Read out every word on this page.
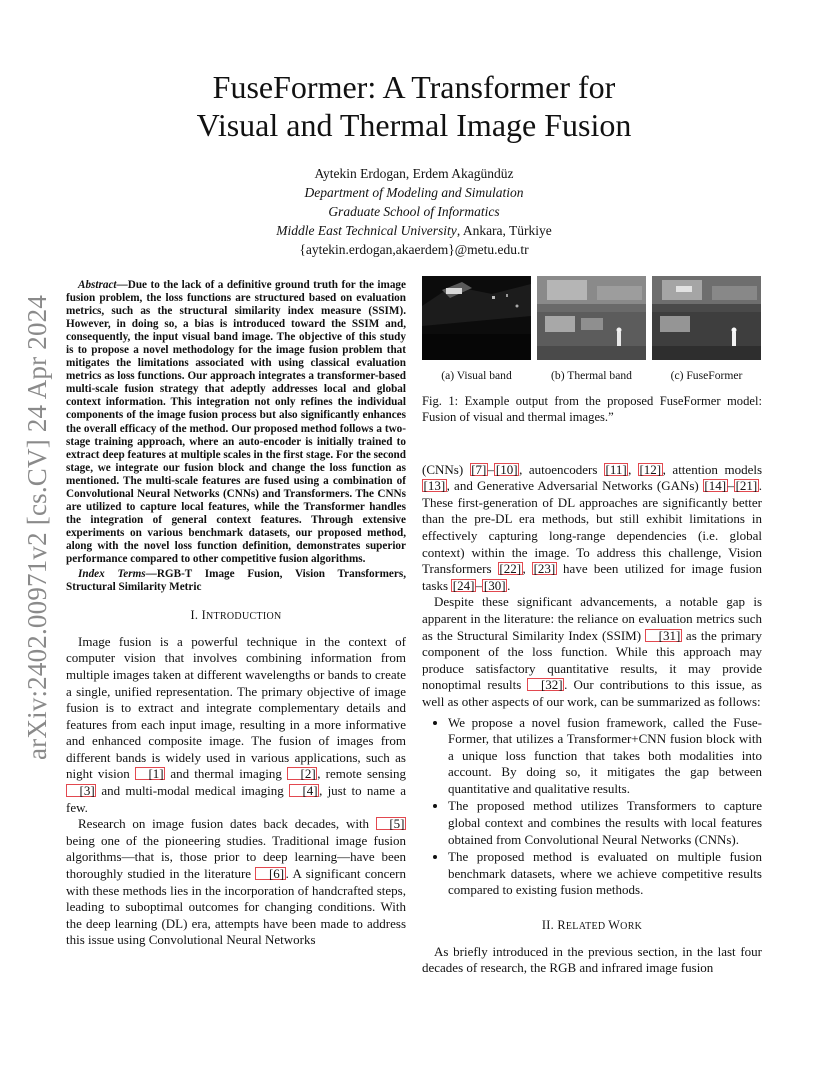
arXiv:2402.00971v2 [cs.CV] 24 Apr 2024
FuseFormer: A Transformer for
Visual and Thermal Image Fusion
Aytekin Erdogan, Erdem Akagündüz
Department of Modeling and Simulation
Graduate School of Informatics
Middle East Technical University, Ankara, Türkiye
{aytekin.erdogan,akaerdem}@metu.edu.tr
Abstract—Due to the lack of a definitive ground truth for the image fusion problem, the loss functions are structured based on evaluation metrics, such as the structural similarity index measure (SSIM). However, in doing so, a bias is introduced toward the SSIM and, consequently, the input visual band image. The objective of this study is to propose a novel methodology for the image fusion problem that mitigates the limitations associated with using classical evaluation metrics as loss functions. Our approach integrates a transformer-based multi-scale fusion strategy that adeptly addresses local and global context information. This integration not only refines the individual components of the image fusion process but also significantly enhances the overall efficacy of the method. Our proposed method follows a two-stage training approach, where an auto-encoder is initially trained to extract deep features at multiple scales in the first stage. For the second stage, we integrate our fusion block and change the loss function as mentioned. The multi-scale features are fused using a combination of Convolutional Neural Networks (CNNs) and Transformers. The CNNs are utilized to capture local features, while the Transformer handles the integration of general context features. Through extensive experiments on various benchmark datasets, our proposed method, along with the novel loss function definition, demonstrates superior performance compared to other competitive fusion algorithms.
Index Terms—RGB-T Image Fusion, Vision Transformers, Structural Similarity Metric
I. INTRODUCTION

Image fusion is a powerful technique in the context of computer vision that involves combining information from multiple images taken at different wavelengths or bands to create a single, unified representation. The primary objective of image fusion is to extract and integrate complementary details and features from each input image, resulting in a more informative and enhanced composite image. The fusion of images from different bands is widely used in various applications, such as night vision [1] and thermal imaging [2] , remote sensing [3] and multi-modal medical imaging [4] , just to name a few.

Research on image fusion dates back decades, with [5] being one of the pioneering studies. Traditional image fusion algorithms—that is, those prior to deep learning—have been thoroughly studied in the literature [6] . A significant concern with these methods lies in the incorporation of handcrafted steps, leading to suboptimal outcomes for changing conditions. With the deep learning (DL) era, attempts have been made to address this issue using Convolutional Neural Networks

(a) Visual band	(b) Thermal band	(c) FuseFormer
Fig. 1: Example output from the proposed FuseFormer model: Fusion of visual and thermal images.”

(CNNs) [7] – [10] , autoencoders [11] , [12] , attention models [13] , and Generative Adversarial Networks (GANs) [14] – [21] . These first-generation of DL approaches are significantly better than the pre-DL era methods, but still exhibit limitations in effectively capturing long-range dependencies (i.e. global context) within the image. To address this challenge, Vision Transformers [22] , [23] have been utilized for image fusion tasks [24] – [30] .

Despite these significant advancements, a notable gap is apparent in the literature: the reliance on evaluation metrics such as the Structural Similarity Index (SSIM) [31] as the primary component of the loss function. While this approach may produce satisfactory quantitative results, it may provide nonoptimal results [32] . Our contributions to this issue, as well as other aspects of our work, can be summarized as follows:

• We propose a novel fusion framework, called the Fuse-Former, that utilizes a Transformer+CNN fusion block with a unique loss function that takes both modalities into account. By doing so, it mitigates the gap between quantitative and qualitative results.
• The proposed method utilizes Transformers to capture global context and combines the results with local features obtained from Convolutional Neural Networks (CNNs).
• The proposed method is evaluated on multiple fusion benchmark datasets, where we achieve competitive results compared to existing fusion methods.
II. RELATED WORK

As briefly introduced in the previous section, in the last four decades of research, the RGB and infrared image fusion
